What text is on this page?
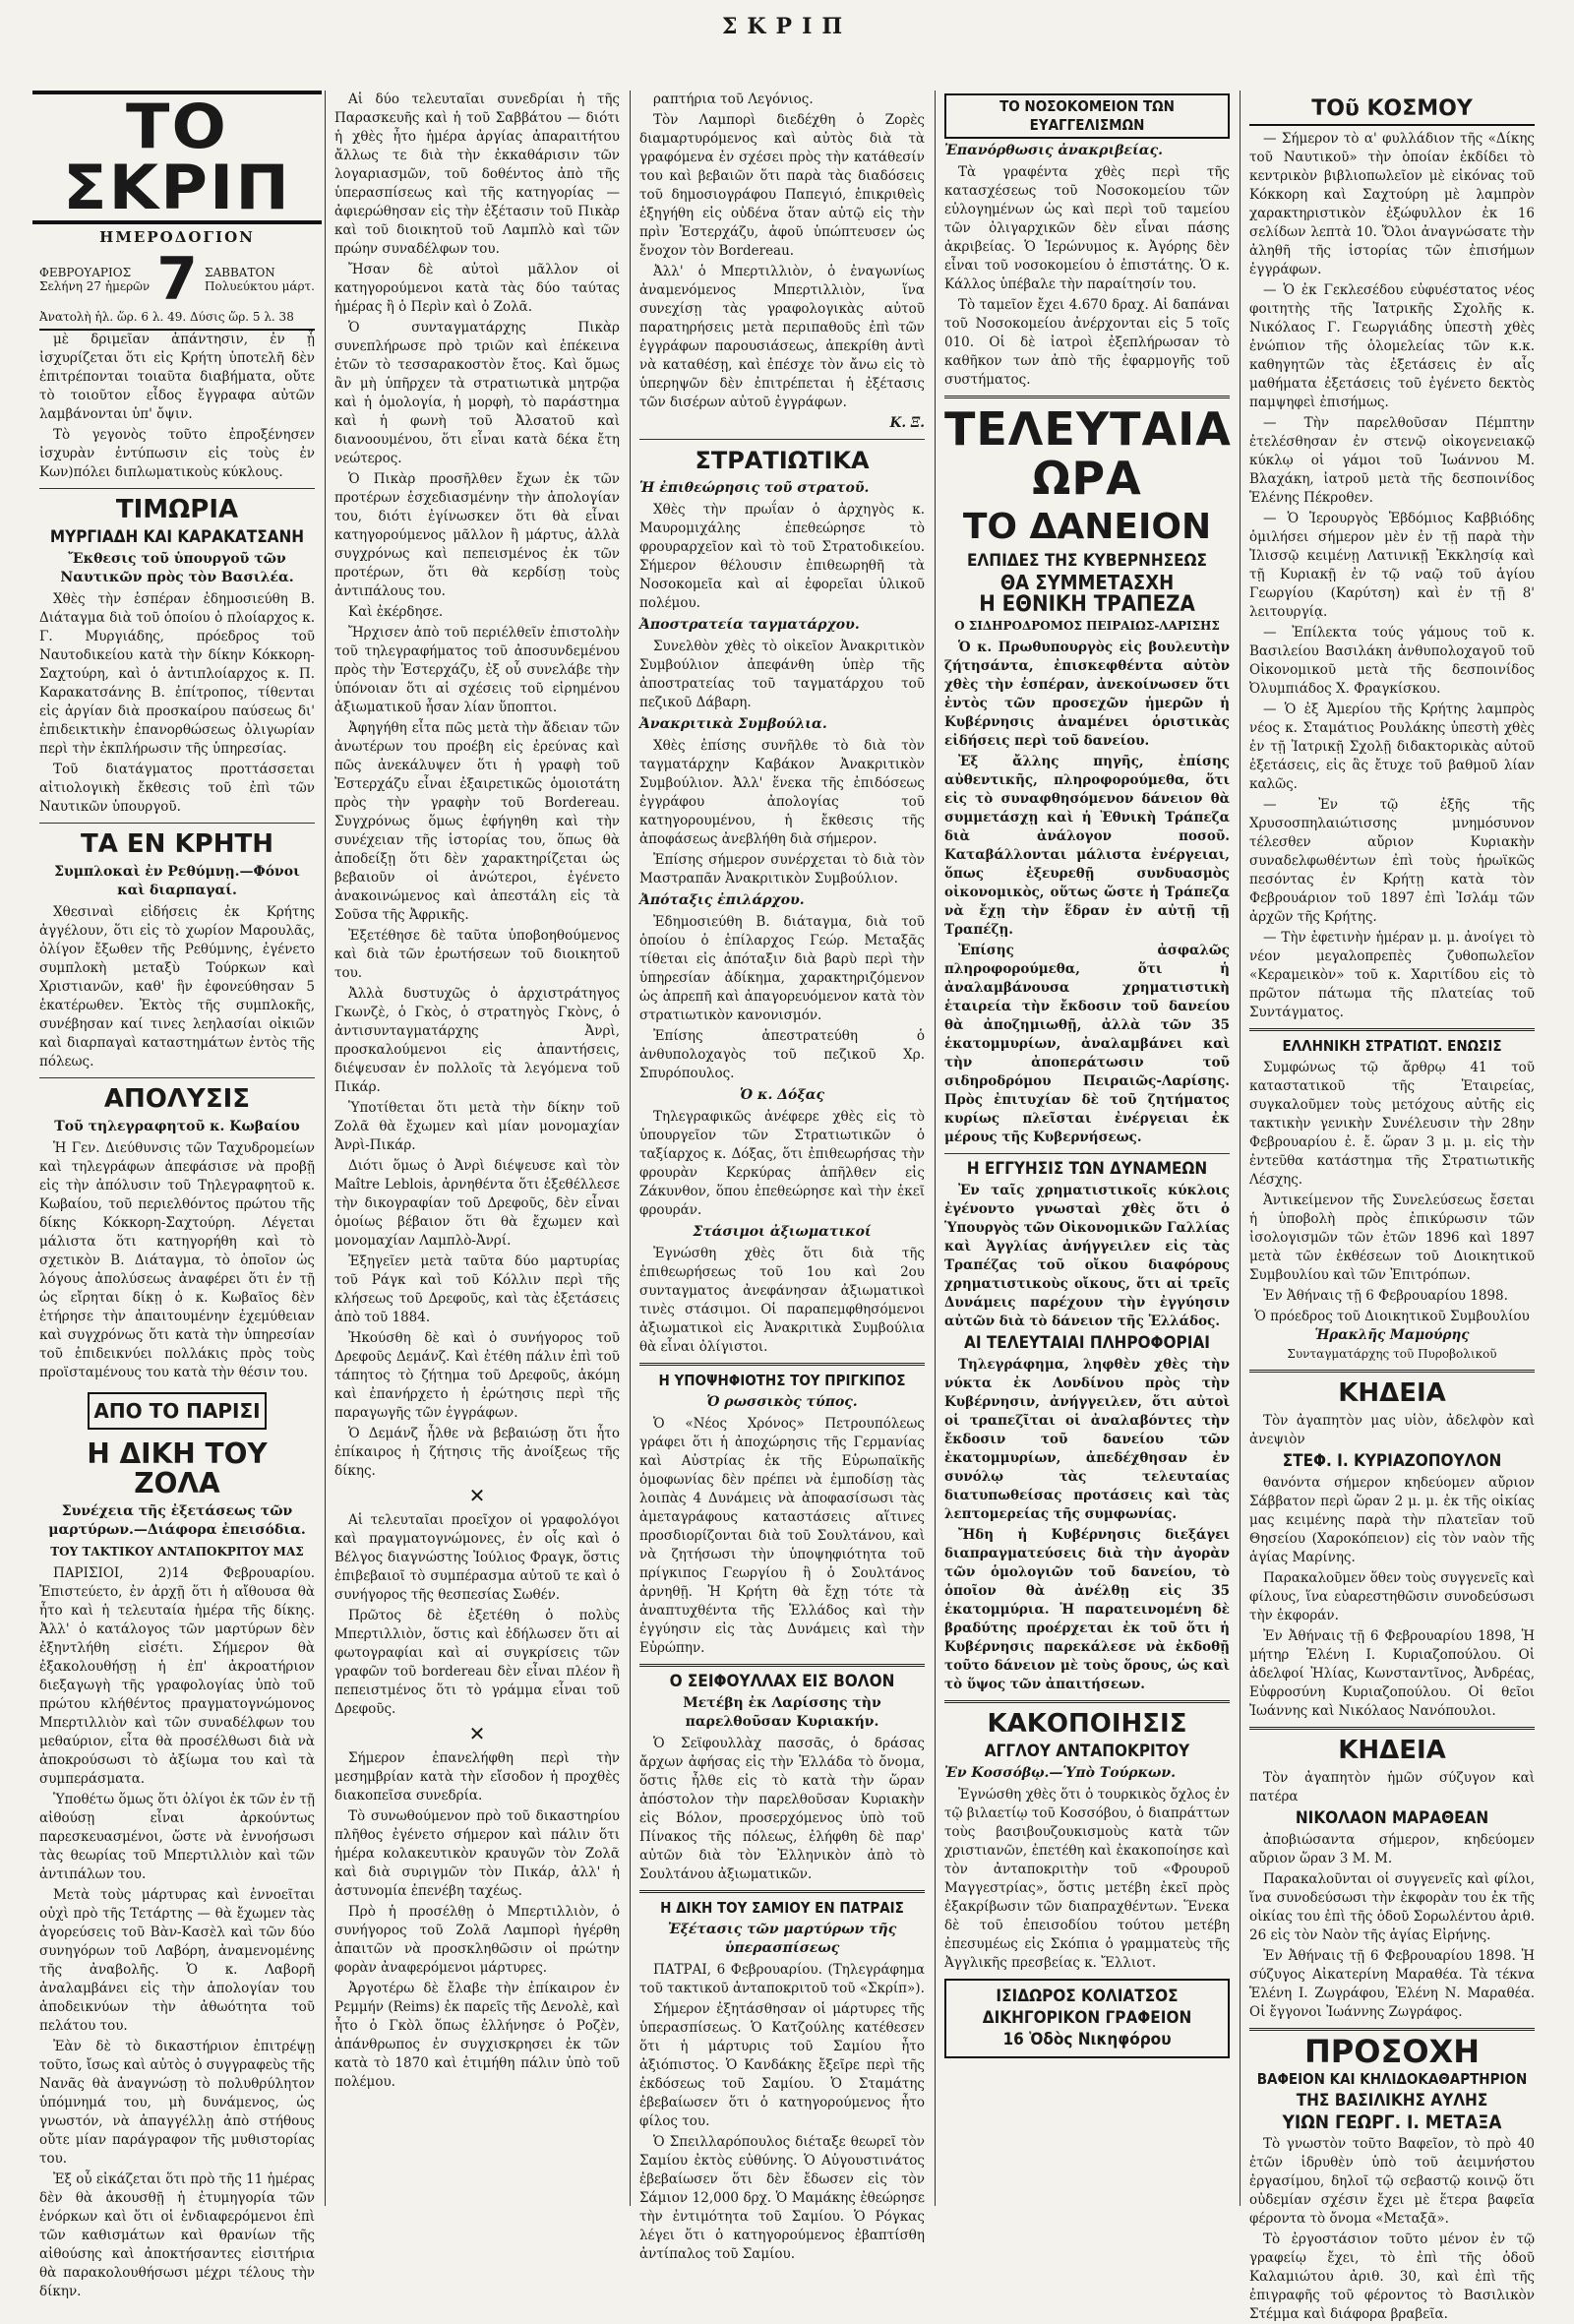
ΣΚΡΙΠ
ΤΟ ΣΚΡΙΠ
ΗΜΕΡΟΔΟΓΙΟΝ
ΦΕΒΡΟΥΑΡΙΟΣ
Σελήνη 27 ἡμερῶν 7 ΣΑΒΒΑΤΟΝ
Πολυεύκτου μάρτ.
Ἀνατολὴ ἡλ. ὥρ. 6 λ. 49. Δύσις ὥρ. 5 λ. 38

μὲ δριμεῖαν ἀπάντησιν, ἐν ᾗ ἰσχυρίζεται ὅτι εἰς Κρήτη ὑποτελῆ δὲν ἐπιτρέπονται τοιαῦτα διαβήματα, οὔτε τὸ τοιοῦτον εἶδος ἔγγραφα αὐτῶν λαμβάνονται ὑπ' ὄψιν.

Τὸ γεγονὸς τοῦτο ἐπροξένησεν ἰσχυρὰν ἐντύπωσιν εἰς τοὺς ἐν Κων)πόλει διπλωματικοὺς κύκλους.

ΤΙΜΩΡΙΑ
ΜΥΡΓΙΑΔΗ ΚΑΙ ΚΑΡΑΚΑΤΣΑΝΗ
Ἔκθεσις τοῦ ὑπουργοῦ τῶν Ναυτικῶν πρὸς τὸν Βασιλέα.

Χθὲς τὴν ἑσπέραν ἐδημοσιεύθη Β. Διάταγμα διὰ τοῦ ὁποίου ὁ πλοίαρχος κ. Γ. Μυργιάδης, πρόεδρος τοῦ Ναυτοδικείου κατὰ τὴν δίκην Κόκκορη-Σαχτούρη, καὶ ὁ ἀντιπλοίαρχος κ. Π. Καρακατσάνης Β. ἐπίτροπος, τίθενται εἰς ἀργίαν διὰ προσκαίρου παύσεως δι' ἐπιδεικτικὴν ἐπανορθώσεως ὀλιγωρίαν περὶ τὴν ἐκπλήρωσιν τῆς ὑπηρεσίας.

Τοῦ διατάγματος προττάσσεται αἰτιολογικὴ ἔκθεσις τοῦ ἐπὶ τῶν Ναυτικῶν ὑπουργοῦ.

ΤΑ ΕΝ ΚΡΗΤΗ
Συμπλοκαὶ ἐν Ρεθύμνῃ.—Φόνοι καὶ διαρπαγαί.

Χθεσιναὶ εἰδήσεις ἐκ Κρήτης ἀγγέλουν, ὅτι εἰς τὸ χωρίον Μαρουλᾶς, ὀλίγον ἔξωθεν τῆς Ρεθύμνης, ἐγένετο συμπλοκὴ μεταξὺ Τούρκων καὶ Χριστιανῶν, καθ' ἣν ἐφονεύθησαν 5 ἑκατέρωθεν. Ἐκτὸς τῆς συμπλοκῆς, συνέβησαν καί τινες λεηλασίαι οἰκιῶν καὶ διαρπαγαὶ καταστημάτων ἐντὸς τῆς πόλεως.

ΑΠΟΛΥΣΙΣ
Τοῦ τηλεγραφητοῦ κ. Κωβαίου

Ἡ Γεν. Διεύθυνσις τῶν Ταχυδρομείων καὶ τηλεγράφων ἀπεφάσισε νὰ προβῇ εἰς τὴν ἀπόλυσιν τοῦ Τηλεγραφητοῦ κ. Κωβαίου, τοῦ περιελθόντος πρώτου τῆς δίκης Κόκκορη-Σαχτούρη. Λέγεται μάλιστα ὅτι κατηγορήθη καὶ τὸ σχετικὸν Β. Διάταγμα, τὸ ὁποῖον ὡς λόγους ἀπολύσεως ἀναφέρει ὅτι ἐν τῇ ὡς εἴρηται δίκῃ ὁ κ. Κωβαῖος δὲν ἐτήρησε τὴν ἀπαιτουμένην ἐχεμύθειαν καὶ συγχρόνως ὅτι κατὰ τὴν ὑπηρεσίαν τοῦ ἐπιδεικνύει πολλάκις πρὸς τοὺς προϊσταμένους του κατὰ τὴν θέσιν του.

ΑΠΟ ΤΟ ΠΑΡΙΣΙ
Η ΔΙΚΗ ΤΟΥ ΖΟΛΑ
Συνέχεια τῆς ἐξετάσεως τῶν μαρτύρων.—Διάφορα ἐπεισόδια.
ΤΟΥ ΤΑΚΤΙΚΟΥ ΑΝΤΑΠΟΚΡΙΤΟΥ ΜΑΣ

ΠΑΡΙΣΙΟΙ, 2)14 Φεβρουαρίου. Ἐπιστεύετο, ἐν ἀρχῇ ὅτι ἡ αἴθουσα θὰ ἦτο καὶ ἡ τελευταία ἡμέρα τῆς δίκης. Ἀλλ' ὁ κατάλογος τῶν μαρτύρων δὲν ἐξηντλήθη εἰσέτι. Σήμερον θὰ ἐξακολουθήσῃ ἡ ἐπ' ἀκροατήριον διεξαγωγὴ τῆς γραφολογίας ὑπὸ τοῦ πρώτου κλήθέντος πραγματογνώμονος Μπερτιλλιὸν καὶ τῶν συναδέλφων του μεθαύριον, εἶτα θὰ προσέλθωσι διὰ νὰ ἀποκρούσωσι τὸ ἀξίωμα του καὶ τὰ συμπεράσματα.

Ὑποθέτω ὅμως ὅτι ὀλίγοι ἐκ τῶν ἐν τῇ αἰθούσῃ εἶναι ἀρκούντως παρεσκευασμένοι, ὥστε νὰ ἐννοήσωσι τὰς θεωρίας τοῦ Μπερτιλλιὸν καὶ τῶν ἀντιπάλων του.

Μετὰ τοὺς μάρτυρας καὶ ἐννοεῖται οὐχὶ πρὸ τῆς Τετάρτης — θὰ ἔχωμεν τὰς ἀγορεύσεις τοῦ Βὰν-Κασὲλ καὶ τῶν δύο συνηγόρων τοῦ Λαβόρη, ἀναμενομένης τῆς ἀναβολῆς. Ὁ κ. Λαβορῆ ἀναλαμβάνει εἰς τὴν ἀπολογίαν του ἀποδεικνύων τὴν ἀθωότητα τοῦ πελάτου του.

Ἐὰν δὲ τὸ δικαστήριον ἐπιτρέψῃ τοῦτο, ἴσως καὶ αὐτὸς ὁ συγγραφεὺς τῆς Νανᾶς θὰ ἀναγνώσῃ τὸ πολυθρύλητον ὑπόμνημά του, μὴ δυνάμενος, ὡς γνωστόν, νὰ ἀπαγγέλλῃ ἀπὸ στήθους οὔτε μίαν παράγραφον τῆς μυθιστορίας του.

Ἐξ οὗ εἰκάζεται ὅτι πρὸ τῆς 11 ἡμέρας δὲν θὰ ἀκουσθῇ ἡ ἐτυμηγορία τῶν ἐνόρκων καὶ ὅτι οἱ ἐνδιαφερόμενοι ἐπὶ τῶν καθισμάτων καὶ θρανίων τῆς αἰθούσης καὶ ἀποκτήσαντες εἰσιτήρια θὰ παρακολουθήσωσι μέχρι τέλους τὴν δίκην.

Αἱ δύο τελευταῖαι συνεδρίαι ἡ τῆς Παρασκευῆς καὶ ἡ τοῦ Σαββάτου — διότι ἡ χθὲς ἦτο ἡμέρα ἀργίας ἀπαραιτήτου ἄλλως τε διὰ τὴν ἐκκαθάρισιν τῶν λογαριασμῶν, τοῦ δοθέντος ἀπὸ τῆς ὑπερασπίσεως καὶ τῆς κατηγορίας — ἀφιερώθησαν εἰς τὴν ἐξέτασιν τοῦ Πικὰρ καὶ τοῦ διοικητοῦ τοῦ Λαμπλὸ καὶ τῶν πρώην συναδέλφων του.

Ἤσαν δὲ αὐτοὶ μᾶλλον οἱ κατηγορούμενοι κατὰ τὰς δύο ταύτας ἡμέρας ἢ ὁ Περὶν καὶ ὁ Ζολᾶ.

Ὁ συνταγματάρχης Πικὰρ συνεπλήρωσε πρὸ τριῶν καὶ ἐπέκεινα ἐτῶν τὸ τεσσαρακοστὸν ἔτος. Καὶ ὅμως ἂν μὴ ὑπῆρχεν τὰ στρατιωτικὰ μητρῷα καὶ ἡ ὁμολογία, ἡ μορφὴ, τὸ παράστημα καὶ ἡ φωνὴ τοῦ Ἀλσατοῦ καὶ διανοουμένου, ὅτι εἶναι κατὰ δέκα ἔτη νεώτερος.

Ὁ Πικὰρ προσῆλθεν ἔχων ἐκ τῶν προτέρων ἐσχεδιασμένην τὴν ἀπολογίαν του, διότι ἐγίνωσκεν ὅτι θὰ εἶναι κατηγορούμενος μᾶλλον ἢ μάρτυς, ἀλλὰ συγχρόνως καὶ πεπεισμένος ἐκ τῶν προτέρων, ὅτι θὰ κερδίσῃ τοὺς ἀντιπάλους του.

Καὶ ἐκέρδησε.

Ἤρχισεν ἀπὸ τοῦ περιέλθεῖν ἐπιστολὴν τοῦ τηλεγραφήματος τοῦ ἀποσυνδεμένου πρὸς τὴν Ἐστερχάζυ, ἐξ οὗ συνελάβε τὴν ὑπόνοιαν ὅτι αἱ σχέσεις τοῦ εἰρημένου ἀξιωματικοῦ ἦσαν λίαν ὕποπτοι.

Ἀφηγήθη εἶτα πῶς μετὰ τὴν ἄδειαν τῶν ἀνωτέρων του προέβη εἰς ἐρεύνας καὶ πῶς ἀνεκάλυψεν ὅτι ἡ γραφὴ τοῦ Ἐστερχάζυ εἶναι ἐξαιρετικῶς ὁμοιοτάτη πρὸς τὴν γραφὴν τοῦ Bordereau. Συγχρόνως ὅμως ἐφήγηθη καὶ τὴν συνέχειαν τῆς ἱστορίας του, ὅπως θὰ ἀποδείξῃ ὅτι δὲν χαρακτηρίζεται ὡς βεβαιοῦν οἱ ἀνώτεροι, ἐγένετο ἀνακοινώμενος καὶ ἀπεστάλη εἰς τὰ Σοῦσα τῆς Ἀφρικῆς.

Ἐξετέθησε δὲ ταῦτα ὑποβοηθούμενος καὶ διὰ τῶν ἐρωτήσεων τοῦ διοικητοῦ του.

Ἀλλὰ δυστυχῶς ὁ ἀρχιστράτηγος Γκωνζὲ, ὁ Γκὸς, ὁ στρατηγὸς Γκὸνς, ὁ ἀντισυνταγματάρχης Ἀνρὶ, προσκαλούμενοι εἰς ἀπαντήσεις, διέψευσαν ἐν πολλοῖς τὰ λεγόμενα τοῦ Πικάρ.

Ὑποτίθεται ὅτι μετὰ τὴν δίκην τοῦ Ζολᾶ θὰ ἔχωμεν καὶ μίαν μονομαχίαν Ἀνρὶ-Πικάρ.

Διότι ὅμως ὁ Ἀνρὶ διέψευσε καὶ τὸν Maître Leblois, ἀρνηθέντα ὅτι ἐξεθέλλεσε τὴν δικογραφίαν τοῦ Δρεφοῦς, δὲν εἶναι ὁμοίως βέβαιον ὅτι θὰ ἔχωμεν καὶ μονομαχίαν Λαμπλὸ-Ἀνρί.

Ἐξηγεῖεν μετὰ ταῦτα δύο μαρτυρίας τοῦ Ράγκ καὶ τοῦ Κόλλιν περὶ τῆς κλήσεως τοῦ Δρεφοῦς, καὶ τὰς ἐξετάσεις ἀπὸ τοῦ 1884.

Ἠκούσθη δὲ καὶ ὁ συνήγορος τοῦ Δρεφοῦς Δεμάνζ. Καὶ ἐτέθη πάλιν ἐπὶ τοῦ τάπητος τὸ ζήτημα τοῦ Δρεφοῦς, ἀκόμη καὶ ἐπανήρχετο ἡ ἐρώτησις περὶ τῆς παραγωγῆς τῶν ἐγγράφων.

Ὁ Δεμάνζ ἦλθε νὰ βεβαιώσῃ ὅτι ἦτο ἐπίκαιρος ἡ ζήτησις τῆς ἀνοίξεως τῆς δίκης.

✕

Αἱ τελευταῖαι προεῖχον οἱ γραφολόγοι καὶ πραγματογνώμονες, ἐν οἷς καὶ ὁ Βέλγος διαγνώστης Ἰούλιος Φραγκ, ὅστις ἐπιβεβαιοῖ τὸ συμπέρασμα αὐτοῦ τε καὶ ὁ συνήγορος τῆς θεσπεσίας Σωθέν.

Πρῶτος δὲ ἐξετέθη ὁ πολὺς Μπερτιλλιὸν, ὅστις καὶ ἐδήλωσεν ὅτι αἱ φωτογραφίαι καὶ αἱ συγκρίσεις τῶν γραφῶν τοῦ bordereau δὲν εἶναι πλέον ἢ πεπειστμένος ὅτι τὸ γράμμα εἶναι τοῦ Δρεφοῦς.

✕

Σήμερον ἐπανελήφθη περὶ τὴν μεσημβρίαν κατὰ τὴν εἴσοδον ἡ προχθὲς διακοπεῖσα συνεδρία.

Τὸ συνωθούμενον πρὸ τοῦ δικαστηρίου πλῆθος ἐγένετο σήμερον καὶ πάλιν ὅτι ἡμέρα κολακευτικὸν κραυγῶν τὸν Ζολᾶ καὶ διὰ συριγμῶν τὸν Πικάρ, ἀλλ' ἡ ἀστυνομία ἐπενέβη ταχέως.

Πρὸ ἡ προσέλθῃ ὁ Μπερτιλλιὸν, ὁ συνήγορος τοῦ Ζολᾶ Λαμπορὶ ἠγέρθη ἀπαιτῶν νὰ προσκληθῶσιν οἱ πρώτην φορὰν ἀναφερόμενοι μάρτυρες.

Ἀργοτέρω δὲ ἔλαβε τὴν ἐπίκαιρον ἐν Ρεμμήν (Reims) ἐκ παρεῖς τῆς Δενολὲ, καὶ ἦτο ὁ Γκὸλ ὅπως ἑλλήνησε ὁ Ροζὲν, ἀπάνθρωπος ἐν συγχισκρησει ἐκ τῶν κατὰ τὸ 1870 καὶ ἐτιμήθη πάλιν ὑπὸ τοῦ πολέμου.

ραπτήρια τοῦ Λεγόνιος.

Τὸν Λαμπορὶ διεδέχθη ὁ Ζορὲς διαμαρτυρόμενος καὶ αὐτὸς διὰ τὰ γραφόμενα ἐν σχέσει πρὸς τὴν κατάθεσίν του καὶ βεβαιῶν ὅτι παρὰ τὰς διαδόσεις τοῦ δημοσιογράφου Παπεγιό, ἐπικριθεὶς ἐξηγήθη εἰς οὐδένα ὅταν αὐτῷ εἰς τὴν πρὶν Ἐστερχάζυ, ἀφοῦ ὑπώπτευσεν ὡς ἔνοχον τὸν Bordereau.

Ἀλλ' ὁ Μπερτιλλιὸν, ὁ ἐναγωνίως ἀναμενόμενος Μπερτιλλιὸν, ἵνα συνεχίσῃ τὰς γραφολογικὰς αὐτοῦ παρατηρήσεις μετὰ περιπαθοῦς ἐπὶ τῶν ἐγγράφων παρουσιάσεως, ἀπεκρίθη ἀντὶ νὰ καταθέσῃ, καὶ ἐπέσχε τὸν ἄνω εἰς τὸ ὑπερηψῶν δὲν ἐπιτρέπεται ἡ ἐξέτασις τῶν δισέρων αὐτοῦ ἐγγράφων.

Κ. Ξ.
ΣΤΡΑΤΙΩΤΙΚΑ
Ἡ ἐπιθεώρησις τοῦ στρατοῦ.

Χθὲς τὴν πρωΐαν ὁ ἀρχηγὸς κ. Μαυρομιχάλης ἐπεθεώρησε τὸ φρουραρχεῖον καὶ τὸ τοῦ Στρατοδικείου. Σήμερον θέλουσιν ἐπιθεωρηθῆ τὰ Νοσοκομεῖα καὶ αἱ ἐφορεῖαι ὑλικοῦ πολέμου.

Ἀποστρατεία ταγματάρχου.

Συνελθὸν χθὲς τὸ οἰκεῖον Ἀνακριτικὸν Συμβούλιον ἀπεφάνθη ὑπὲρ τῆς ἀποστρατείας τοῦ ταγματάρχου τοῦ πεζικοῦ Δάβαρη.

Ἀνακριτικὰ Συμβούλια.

Χθὲς ἐπίσης συνῆλθε τὸ διὰ τὸν ταγματάρχην Καβάκον Ἀνακριτικὸν Συμβούλιον. Ἀλλ' ἕνεκα τῆς ἐπιδόσεως ἐγγράφου ἀπολογίας τοῦ κατηγορουμένου, ἡ ἔκθεσις τῆς ἀποφάσεως ἀνεβλήθη διὰ σήμερον.

Ἐπίσης σήμερον συνέρχεται τὸ διὰ τὸν Μαστραπᾶν Ἀνακριτικὸν Συμβούλιον.

Ἀπόταξις ἐπιλάρχου.

Ἐδημοσιεύθη Β. διάταγμα, διὰ τοῦ ὁποίου ὁ ἐπίλαρχος Γεώρ. Μεταξᾶς τίθεται εἰς ἀπόταξιν διὰ βαρὺ περὶ τὴν ὑπηρεσίαν ἀδίκημα, χαρακτηριζόμενον ὡς ἀπρεπῆ καὶ ἀπαγορευόμενον κατὰ τὸν στρατιωτικὸν κανονισμόν.

Ἐπίσης ἀπεστρατεύθη ὁ ἀνθυπολοχαγὸς τοῦ πεζικοῦ Χρ. Σπυρόπουλος.

Ὁ κ. Δόξας

Τηλεγραφικῶς ἀνέφερε χθὲς εἰς τὸ ὑπουργεῖον τῶν Στρατιωτικῶν ὁ ταξίαρχος κ. Δόξας, ὅτι ἐπιθεωρήσας τὴν φρουρὰν Κερκύρας ἀπῆλθεν εἰς Ζάκυνθον, ὅπου ἐπεθεώρησε καὶ τὴν ἐκεῖ φρουράν.

Στάσιμοι ἀξιωματικοί

Ἐγνώσθη χθὲς ὅτι διὰ τῆς ἐπιθεωρήσεως τοῦ 1ου καὶ 2ου συνταγματος ἀνεφάνησαν ἀξιωματικοὶ τινὲς στάσιμοι. Οἱ παραπεμφθησόμενοι ἀξιωματικοὶ εἰς Ἀνακριτικὰ Συμβούλια θὰ εἶναι ὀλίγιστοι.

Η ΥΠΟΨΗΦΙΟΤΗΣ ΤΟΥ ΠΡΙΓΚΙΠΟΣ
Ὁ ρωσσικὸς τύπος.

Ὁ «Νέος Χρόνος» Πετρουπόλεως γράφει ὅτι ἡ ἀποχώρησις τῆς Γερμανίας καὶ Αὐστρίας ἐκ τῆς Εὐρωπαϊκῆς ὁμοφωνίας δὲν πρέπει νὰ ἐμποδίσῃ τὰς λοιπὰς 4 Δυνάμεις νὰ ἀποφασίσωσι τὰς ἀμεταγράφους καταστάσεις αἵτινες προσδιορίζονται διὰ τοῦ Σουλτάνου, καὶ νὰ ζητήσωσι τὴν ὑποψηφιότητα τοῦ πρίγκιπος Γεωργίου ἢ ὁ Σουλτάνος ἀρνηθῇ. Ἡ Κρήτη θὰ ἔχῃ τότε τὰ ἀναπτυχθέντα τῆς Ἑλλάδος καὶ τὴν ἐγγύησιν εἰς τὰς Δυνάμεις καὶ τὴν Εὐρώπην.

Ο ΣΕΙΦΟΥΛΛΑΧ ΕΙΣ ΒΟΛΟΝ
Μετέβη ἐκ Λαρίσσης τὴν παρελθοῦσαν Κυριακήν.

Ὁ Σεϊφουλλὰχ πασσᾶς, ὁ δράσας ἄρχων ἀφήσας εἰς τὴν Ἑλλάδα τὸ ὄνομα, ὅστις ἦλθε εἰς τὸ κατὰ τὴν ὥραν ἀπόστολον τὴν παρελθοῦσαν Κυριακὴν εἰς Βόλον, προσερχόμενος ὑπὸ τοῦ Πίνακος τῆς πόλεως, ἐλήφθη δὲ παρ' αὐτῶν διὰ τὸν Ἑλληνικὸν ἀπὸ τὸ Σουλτάνου ἀξιωματικῶν.

Η ΔΙΚΗ ΤΟΥ ΣΑΜΙΟΥ ΕΝ ΠΑΤΡΑΙΣ
Ἐξέτασις τῶν μαρτύρων τῆς ὑπερασπίσεως

ΠΑΤΡΑΙ, 6 Φεβρουαρίου. (Τηλεγράφημα τοῦ τακτικοῦ ἀνταποκριτοῦ τοῦ «Σκρίπ»).

Σήμερον ἐξητάσθησαν οἱ μάρτυρες τῆς ὑπερασπίσεως. Ὁ Κατζούλης κατέθεσεν ὅτι ἡ μάρτυρις τοῦ Σαμίου ἦτο ἀξιόπιστος. Ὁ Κανδάκης ἔξεῖρε περὶ τῆς ἐκδόσεως τοῦ Σαμίου. Ὁ Σταμάτης ἐβεβαίωσεν ὅτι ὁ κατηγορούμενος ἦτο φίλος του.

Ὁ Σπειλλαρόπουλος διέταξε θεωρεῖ τὸν Σαμίου ἐκτὸς εὐθύνης. Ὁ Αὐγουστινάτος ἐβεβαίωσεν ὅτι δὲν ἔδωσεν εἰς τὸν Σάμιον 12,000 δρχ. Ὁ Μαμάκης ἐθεώρησε τὴν ἐντιμότητα τοῦ Σαμίου. Ὁ Ρόγκας λέγει ὅτι ὁ κατηγορούμενος ἐβαπτίσθη ἀντίπαλος τοῦ Σαμίου.

ΤΟ ΝΟΣΟΚΟΜΕΙΟΝ ΤΩΝ ΕΥΑΓΓΕΛΙΣΜΩΝ
Ἐπανόρθωσις ἀνακριβείας.

Τὰ γραφέντα χθὲς περὶ τῆς κατασχέσεως τοῦ Νοσοκομείου τῶν εὐλογημένων ὡς καὶ περὶ τοῦ ταμείου τῶν ὀλιγαρχικῶν δὲν εἶναι πάσης ἀκριβείας. Ὁ Ἱερώνυμος κ. Ἀγόρης δὲν εἶναι τοῦ νοσοκομείου ὁ ἐπιστάτης. Ὁ κ. Κάλλος ὑπέβαλε τὴν παραίτησίν του.

Τὸ ταμεῖον ἔχει 4.670 δραχ. Αἱ δαπάναι τοῦ Νοσοκομείου ἀνέρχονται εἰς 5 τοῖς 010. Οἱ δὲ ἰατροὶ ἐξεπλήρωσαν τὸ καθῆκον των ἀπὸ τῆς ἐφαρμογῆς τοῦ συστήματος.

ΤΕΛΕΥΤΑΙΑ ΩΡΑ
ΤΟ ΔΑΝΕΙΟΝ
ΕΛΠΙΔΕΣ ΤΗΣ ΚΥΒΕΡΝΗΣΕΩΣ
ΘΑ ΣΥΜΜΕΤΑΣΧΗ
Η ΕΘΝΙΚΗ ΤΡΑΠΕΖΑ
Ο ΣΙΔΗΡΟΔΡΟΜΟΣ ΠΕΙΡΑΙΩΣ-ΛΑΡΙΣΗΣ

Ὁ κ. Πρωθυπουργὸς εἰς βουλευτὴν ζήτησάντα, ἐπισκεφθέντα αὐτὸν χθὲς τὴν ἑσπέραν, ἀνεκοίνωσεν ὅτι ἐντὸς τῶν προσεχῶν ἡμερῶν ἡ Κυβέρνησις ἀναμένει ὁριστικὰς εἰδήσεις περὶ τοῦ δανείου.

Ἐξ ἄλλης πηγῆς, ἐπίσης αὐθεντικῆς, πληροφορούμεθα, ὅτι εἰς τὸ συναφθησόμενον δάνειον θὰ συμμετάσχῃ καὶ ἡ Ἐθνικὴ Τράπεζα διὰ ἀνάλογον ποσοῦ. Καταβάλλονται μάλιστα ἐνέργειαι, ὅπως ἐξευρεθῇ συνδυασμὸς οἰκονομικὸς, οὕτως ὥστε ἡ Τράπεζα νὰ ἔχῃ τὴν ἕδραν ἐν αὐτῇ τῇ Τραπέζῃ.

Ἐπίσης ἀσφαλῶς πληροφορούμεθα, ὅτι ἡ ἀναλαμβάνουσα χρηματιστικὴ ἑταιρεία τὴν ἔκδοσιν τοῦ δανείου θὰ ἀποζημιωθῇ, ἀλλὰ τῶν 35 ἑκατομμυρίων, ἀναλαμβάνει καὶ τὴν ἀποπεράτωσιν τοῦ σιδηροδρόμου Πειραιῶς-Λαρίσης. Πρὸς ἐπιτυχίαν δὲ τοῦ ζητήματος κυρίως πλεῖσται ἐνέργειαι ἐκ μέρους τῆς Κυβερνήσεως.

Η ΕΓΓΥΗΣΙΣ ΤΩΝ ΔΥΝΑΜΕΩΝ

Ἐν ταῖς χρηματιστικοῖς κύκλοις ἐγένοντο γνωσταὶ χθὲς ὅτι ὁ Ὑπουργὸς τῶν Οἰκονομικῶν Γαλλίας καὶ Ἀγγλίας ἀνήγγειλεν εἰς τὰς Τραπέζας τοῦ οἴκου διαφόρους χρηματιστικοὺς οἴκους, ὅτι αἱ τρεῖς Δυνάμεις παρέχουν τὴν ἐγγύησιν αὐτῶν διὰ τὸ δάνειον τῆς Ἑλλάδος.

ΑΙ ΤΕΛΕΥΤΑΙΑΙ ΠΛΗΡΟΦΟΡΙΑΙ

Τηλεγράφημα, ληφθὲν χθὲς τὴν νύκτα ἐκ Λονδίνου πρὸς τὴν Κυβέρνησιν, ἀνήγγειλεν, ὅτι αὐτοὶ οἱ τραπεζῖται οἱ ἀναλαβόντες τὴν ἔκδοσιν τοῦ δανείου τῶν ἐκατομμυρίων, ἀπεδέχθησαν ἐν συνόλῳ τὰς τελευταίας διατυπωθείσας προτάσεις καὶ τὰς λεπτομερείας τῆς συμφωνίας.

Ἤδη ἡ Κυβέρνησις διεξάγει διαπραγματεύσεις διὰ τὴν ἀγορὰν τῶν ὁμολογιῶν τοῦ δανείου, τὸ ὁποῖον θὰ ἀνέλθῃ εἰς 35 ἑκατομμύρια. Ἡ παρατεινομένη δὲ βραδύτης προέρχεται ἐκ τοῦ ὅτι ἡ Κυβέρνησις παρεκάλεσε νὰ ἐκδοθῇ τοῦτο δάνειον μὲ τοὺς ὅρους, ὡς καὶ τὸ ὕψος τῶν ἀπαιτήσεων.

ΚΑΚΟΠΟΙΗΣΙΣ
ΑΓΓΛΟΥ ΑΝΤΑΠΟΚΡΙΤΟΥ
Ἐν Κοσσόβῳ.—Ὑπὸ Τούρκων.

Ἐγνώσθη χθὲς ὅτι ὁ τουρκικὸς ὄχλος ἐν τῷ βιλαετίῳ τοῦ Κοσσόβου, ὁ διαπράττων τοὺς βασιβουζουκισμοὺς κατὰ τῶν χριστιανῶν, ἐπετέθη καὶ ἐκακοποίησε καὶ τὸν ἀνταποκριτὴν τοῦ «Φρουροῦ Μαγγεστρίας», ὅστις μετέβη ἐκεῖ πρὸς ἐξακρίβωσιν τῶν διαπραχθέντων. Ἕνεκα δὲ τοῦ ἐπεισοδίου τούτου μετέβη ἐπεσυμέως εἰς Σκόπια ὁ γραμματεὺς τῆς Ἀγγλικῆς πρεσβείας κ. Ἔλλιοτ.

ΙΣΙΔΩΡΟΣ ΚΟΛΙΑΤΣΟΣ
ΔΙΚΗΓΟΡΙΚΟΝ ΓΡΑΦΕΙΟΝ
16 Ὁδὸς Νικηφόρου
ΤΟῦ ΚΟΣΜΟΥ

— Σήμερον τὸ α' φυλλάδιον τῆς «Δίκης τοῦ Ναυτικοῦ» τὴν ὁποίαν ἐκδίδει τὸ κεντρικὸν βιβλιοπωλεῖον μὲ εἰκόνας τοῦ Κόκκορη καὶ Σαχτούρη μὲ λαμπρὸν χαρακτηριστικὸν ἐξώφυλλον ἐκ 16 σελίδων λεπτὰ 10. Ὅλοι ἀναγνώσατε τὴν ἀληθῆ τῆς ἱστορίας τῶν ἐπισήμων ἐγγράφων.

— Ὁ ἐκ Γεκλεσέδου εὐφυέστατος νέος φοιτητὴς τῆς Ἰατρικῆς Σχολῆς κ. Νικόλαος Γ. Γεωργιάδης ὑπεστὴ χθὲς ἐνώπιον τῆς ὁλομελείας τῶν κ.κ. καθηγητῶν τὰς ἐξετάσεις ἐν αἷς μαθήματα ἐξετάσεις τοῦ ἐγένετο δεκτὸς παμψηφεὶ ἐπισήμως.

— Τὴν παρελθοῦσαν Πέμπτην ἐτελέσθησαν ἐν στενῷ οἰκογενειακῷ κύκλῳ οἱ γάμοι τοῦ Ἰωάννου Μ. Βλαχάκη, ἰατροῦ μετὰ τῆς δεσποινίδος Ἑλένης Πέκροθεν.

— Ὁ Ἱερουργὸς Ἑβδόμιος Καββιόδης ὁμιλήσει σήμερον μὲν ἐν τῇ παρὰ τὴν Ἰλισσῷ κειμένῃ Λατινικῇ Ἐκκλησίᾳ καὶ τῇ Κυριακῇ ἐν τῷ ναῷ τοῦ ἁγίου Γεωργίου (Καρύτση) καὶ ἐν τῇ 8' λειτουργίᾳ.

— Ἐπίλεκτα τούς γάμους τοῦ κ. Βασιλείου Βασιλάκη ἀνθυπολοχαγοῦ τοῦ Οἰκονομικοῦ μετὰ τῆς δεσποινίδος Ὀλυμπιάδος Χ. Φραγκίσκου.

— Ὁ ἐξ Ἀμερίου τῆς Κρήτης λαμπρὸς νέος κ. Σταμάτιος Ρουλάκης ὑπεστὴ χθὲς ἐν τῇ Ἰατρικῇ Σχολῇ διδακτορικὰς αὐτοῦ ἐξετάσεις, εἰς ἃς ἔτυχε τοῦ βαθμοῦ λίαν καλῶς.

— Ἐν τῷ ἐξῆς τῆς Χρυσοσπηλαιώτισσης μνημόσυνον τέλεσθεν αὔριον Κυριακὴν συναδελφωθέντων ἐπὶ τοὺς ἡρωϊκῶς πεσόντας ἐν Κρήτῃ κατὰ τὸν Φεβρουάριον τοῦ 1897 ἐπὶ Ἰσλάμ τῶν ἀρχῶν τῆς Κρήτης.

— Τὴν ἐφετινὴν ἡμέραν μ. μ. ἀνοίγει τὸ νέον μεγαλοπρεπὲς ζυθοπωλεῖον «Κεραμεικὸν» τοῦ κ. Χαριτίδου εἰς τὸ πρῶτον πάτωμα τῆς πλατείας τοῦ Συντάγματος.

ΕΛΛΗΝΙΚΗ ΣΤΡΑΤΙΩΤ. ΕΝΩΣΙΣ

Συμφώνως τῷ ἄρθρῳ 41 τοῦ καταστατικοῦ τῆς Ἑταιρείας, συγκαλοῦμεν τοὺς μετόχους αὐτῆς εἰς τακτικὴν γενικὴν Συνέλευσιν τὴν 28ην Φεβρουαρίου ἐ. ἔ. ὥραν 3 μ. μ. εἰς τὴν ἐντεῦθα κατάστημα τῆς Στρατιωτικῆς Λέσχης.

Ἀντικείμενον τῆς Συνελεύσεως ἔσεται ἡ ὑποβολὴ πρὸς ἐπικύρωσιν τῶν ἰσολογισμῶν τῶν ἐτῶν 1896 καὶ 1897 μετὰ τῶν ἐκθέσεων τοῦ Διοικητικοῦ Συμβουλίου καὶ τῶν Ἐπιτρόπων.

Ἐν Ἀθήναις τῇ 6 Φεβρουαρίου 1898.

Ὁ πρόεδρος τοῦ Διοικητικοῦ Συμβουλίου
Ἡρακλῆς Μαμούρης
Συνταγματάρχης τοῦ Πυροβολικοῦ
ΚΗΔΕΙΑ

Τὸν ἀγαπητὸν μας υἱὸν, ἀδελφὸν καὶ ἀνεψιὸν

ΣΤΕΦ. Ι. ΚΥΡΙΑΖΟΠΟΥΛΟΝ

θανόντα σήμερον κηδεύομεν αὔριον Σάββατον περὶ ὥραν 2 μ. μ. ἐκ τῆς οἰκίας μας κειμένης παρὰ τὴν πλατεῖαν τοῦ Θησείου (Χαροκόπειον) εἰς τὸν ναὸν τῆς ἁγίας Μαρίνης.

Παρακαλοῦμεν ὅθεν τοὺς συγγενεῖς καὶ φίλους, ἵνα εὐαρεστηθῶσιν συνοδεύσωσι τὴν ἐκφοράν.

Ἐν Ἀθήναις τῇ 6 Φεβρουαρίου 1898, Ἡ μήτηρ Ἑλένη Ι. Κυριαζοπούλου. Οἱ ἀδελφοί Ἠλίας, Κωνσταντῖνος, Ἀνδρέας, Εὐφροσύνη Κυριαζοπούλου. Οἱ θεῖοι Ἰωάννης καὶ Νικόλαος Νανόπουλοι.

ΚΗΔΕΙΑ

Τὸν ἀγαπητὸν ἡμῶν σύζυγον καὶ πατέρα

ΝΙΚΟΛΑΟΝ ΜΑΡΑΘΕΑΝ

ἀποβιώσαντα σήμερον, κηδεύομεν αὔριον ὥραν 3 Μ. Μ.

Παρακαλοῦνται οἱ συγγενεῖς καὶ φίλοι, ἵνα συνοδεύσωσι τὴν ἐκφορὰν του ἐκ τῆς οἰκίας του ἐπὶ τῆς ὁδοῦ Σορωλέντου ἀριθ. 26 εἰς τὸν Ναὸν τῆς ἁγίας Εἰρήνης.

Ἐν Ἀθήναις τῇ 6 Φεβρουαρίου 1898. Ἡ σύζυγος Αἰκατερίνη Μαραθέα. Τὰ τέκνα Ἑλένη Ι. Ζωγράφου, Ἑλένη Ν. Μαραθέα. Οἱ ἔγγονοι Ἰωάννης Ζωγράφος.

ΠΡΟΣΟΧΗ
ΒΑΦΕΙΟΝ ΚΑΙ ΚΗΛΙΔΟΚΑΘΑΡΤΗΡΙΟΝ
ΤΗΣ ΒΑΣΙΛΙΚΗΣ ΑΥΛΗΣ
ΥΙΩΝ ΓΕΩΡΓ. Ι. ΜΕΤΑΞΑ

Τὸ γνωστὸν τοῦτο Βαφεῖον, τὸ πρὸ 40 ἐτῶν ἱδρυθὲν ὑπὸ τοῦ ἀειμνήστου ἐργασίμου, δηλοῖ τῷ σεβαστῷ κοινῷ ὅτι οὐδεμίαν σχέσιν ἔχει μὲ ἕτερα βαφεῖα φέροντα τὸ ὄνομα «Μεταξᾶ».

Τὸ ἐργοστάσιον τοῦτο μένον ἐν τῷ γραφείῳ ἔχει, τὸ ἐπὶ τῆς ὁδοῦ Καλαμιώτου ἀριθ. 30, καὶ ἐπὶ τῆς ἐπιγραφῆς τοῦ φέροντος τὸ Βασιλικὸν Στέμμα καὶ διάφορα βραβεῖα.
